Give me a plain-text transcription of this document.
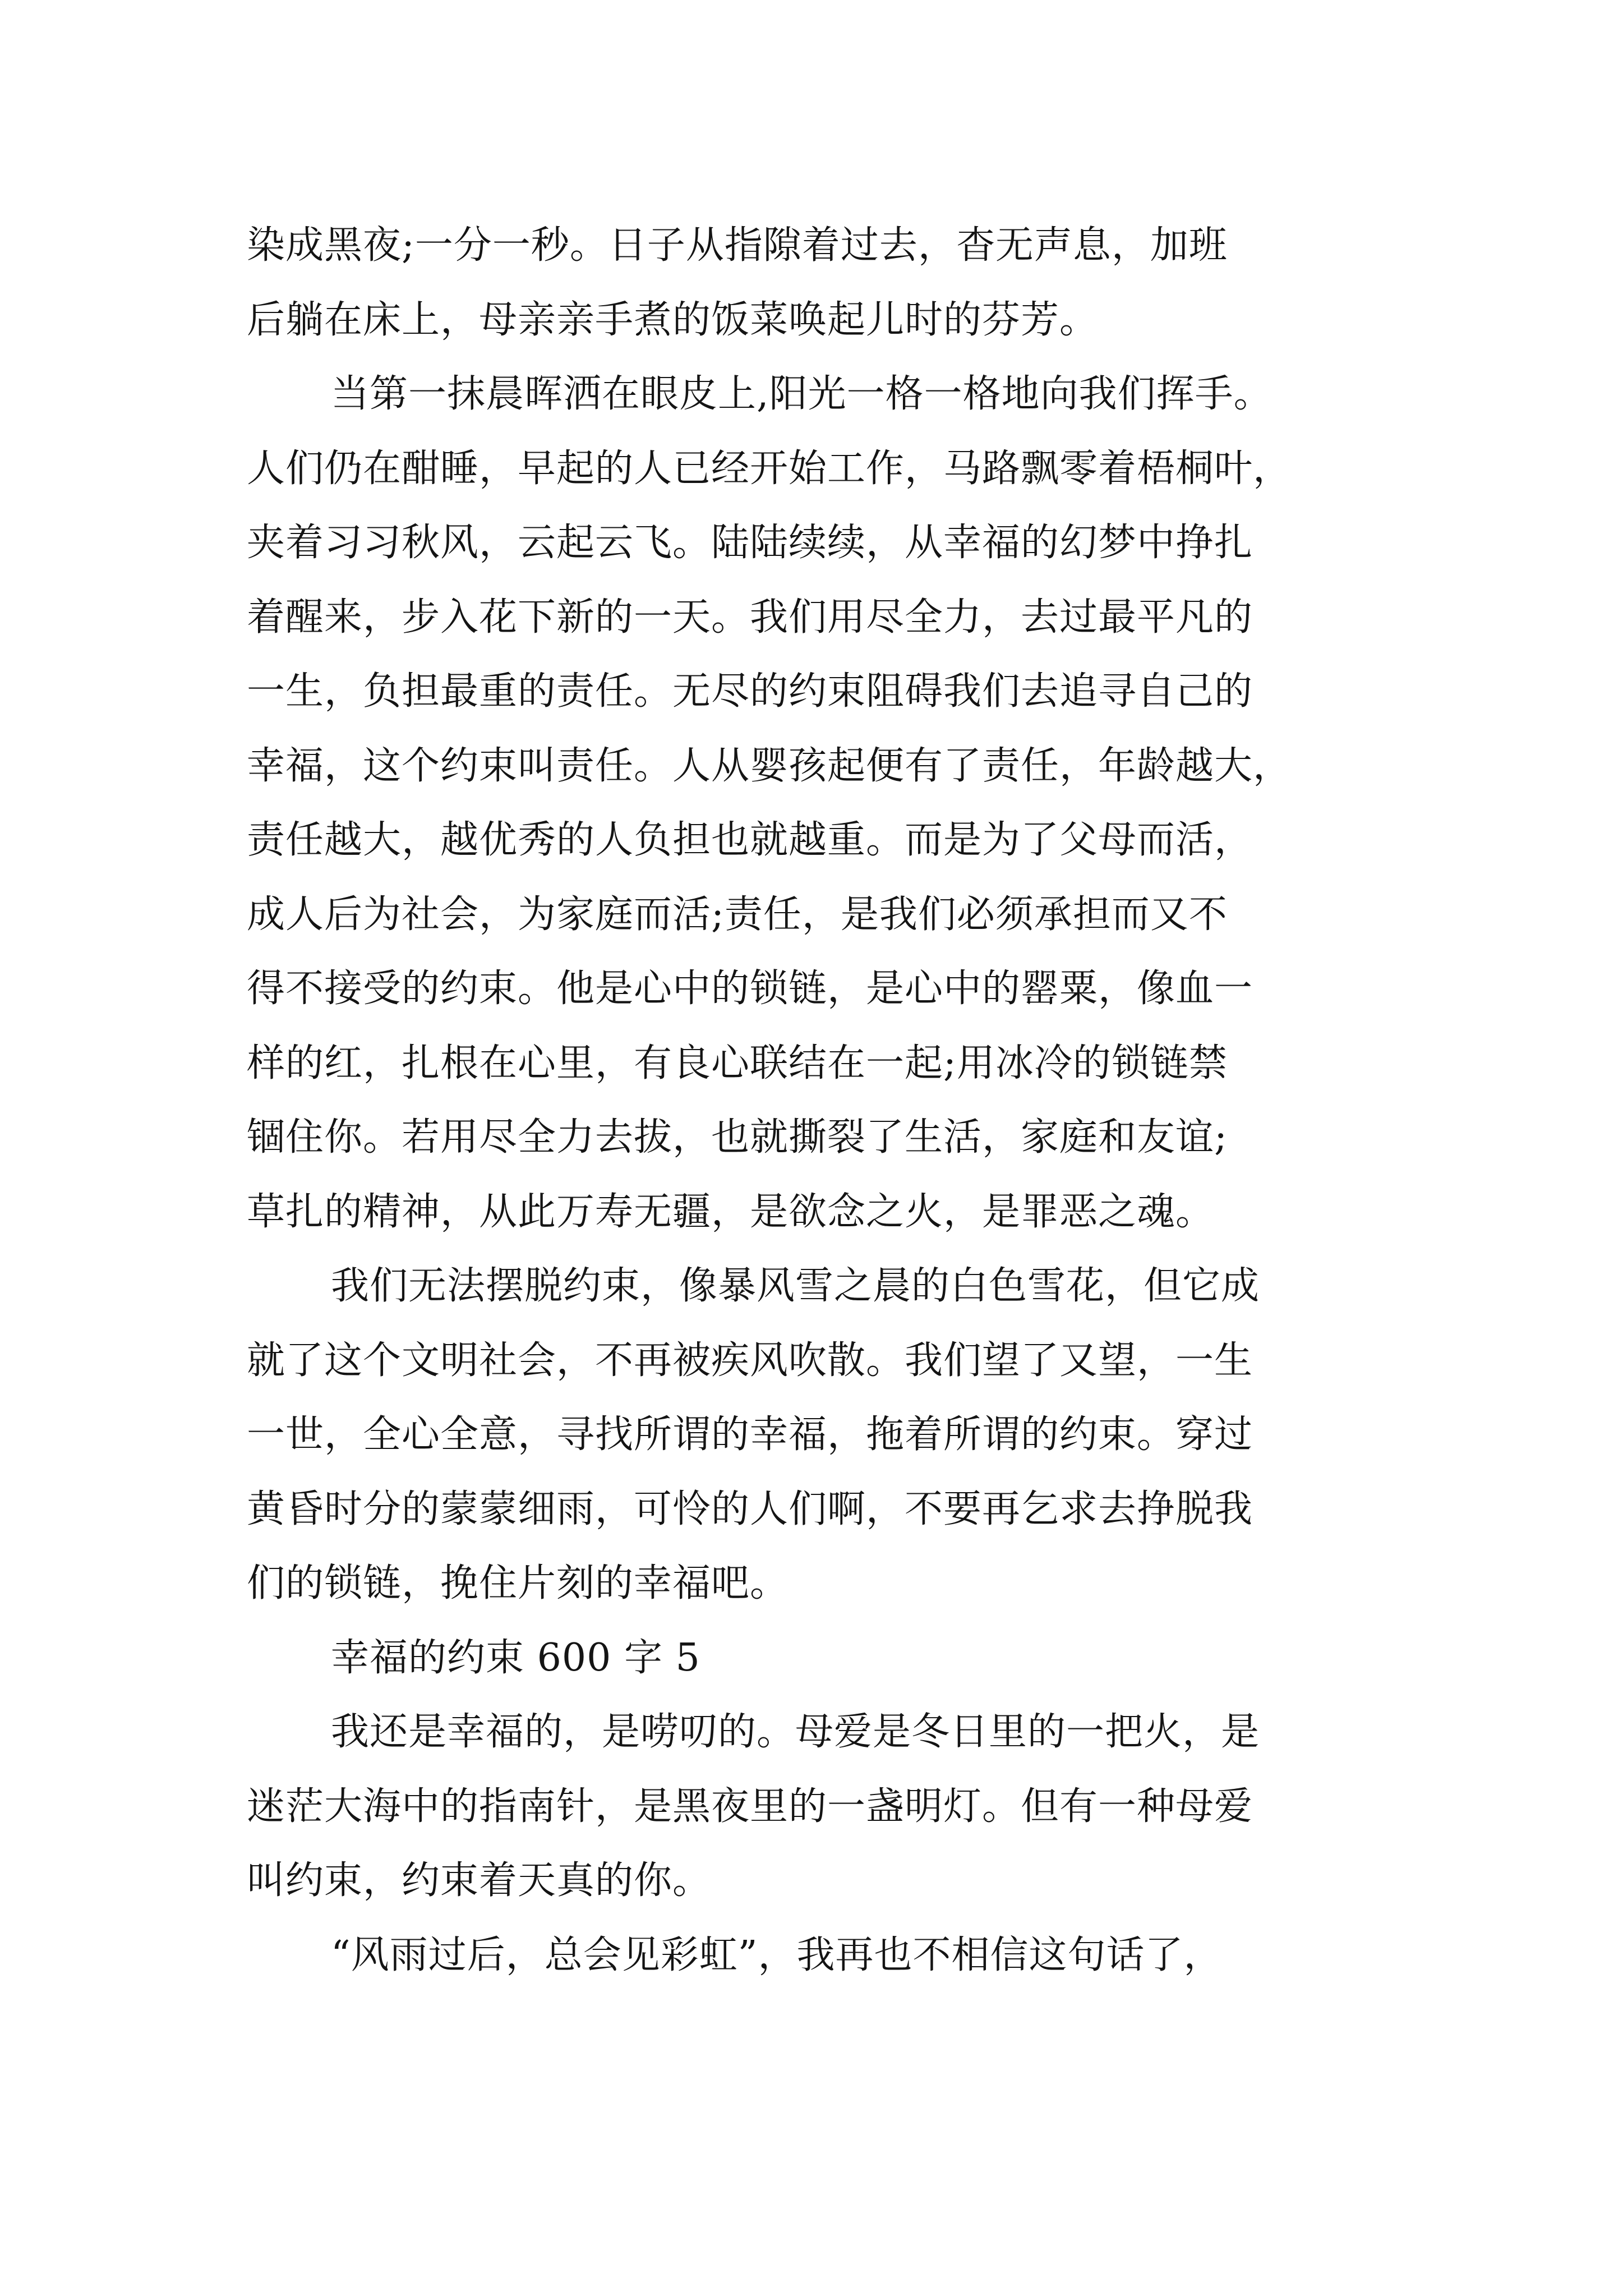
染成黑夜;一分一秒。日子从指隙着过去，杳无声息，加班
后躺在床上，母亲亲手煮的饭菜唤起儿时的芬芳。
当第一抹晨晖洒在眼皮上,阳光一格一格地向我们挥手。
人们仍在酣睡，早起的人已经开始工作，马路飘零着梧桐叶，
夹着习习秋风，云起云飞。陆陆续续，从幸福的幻梦中挣扎
着醒来，步入花下新的一天。我们用尽全力，去过最平凡的
一生，负担最重的责任。无尽的约束阻碍我们去追寻自己的
幸福，这个约束叫责任。人从婴孩起便有了责任，年龄越大，
责任越大，越优秀的人负担也就越重。而是为了父母而活，
成人后为社会，为家庭而活;责任，是我们必须承担而又不
得不接受的约束。他是心中的锁链，是心中的罂粟，像血一
样的红，扎根在心里，有良心联结在一起;用冰冷的锁链禁
锢住你。若用尽全力去拔，也就撕裂了生活，家庭和友谊;
草扎的精神，从此万寿无疆，是欲念之火，是罪恶之魂。
我们无法摆脱约束，像暴风雪之晨的白色雪花，但它成
就了这个文明社会，不再被疾风吹散。我们望了又望，一生
一世，全心全意，寻找所谓的幸福，拖着所谓的约束。穿过
黄昏时分的蒙蒙细雨，可怜的人们啊，不要再乞求去挣脱我
们的锁链，挽住片刻的幸福吧。
幸福的约束 600 字 5
我还是幸福的，是唠叨的。母爱是冬日里的一把火，是
迷茫大海中的指南针，是黑夜里的一盏明灯。但有一种母爱
叫约束，约束着天真的你。
“风雨过后，总会见彩虹”，我再也不相信这句话了，
